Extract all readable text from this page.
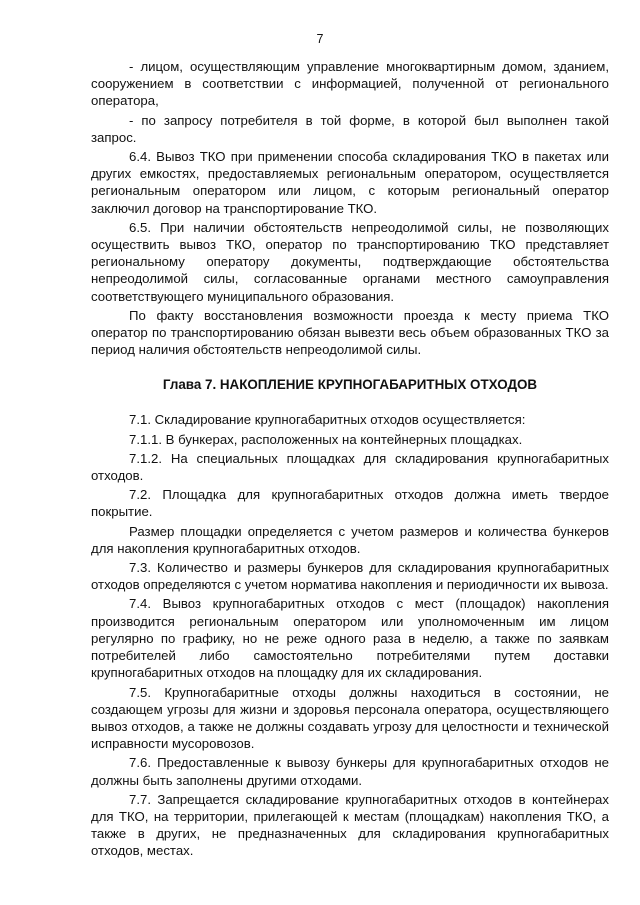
7

- лицом, осуществляющим управление многоквартирным домом, зданием, сооружением в соответствии с информацией, полученной от регионального оператора,

- по запросу потребителя в той форме, в которой был выполнен такой запрос.

6.4. Вывоз ТКО при применении способа складирования ТКО в пакетах или других емкостях, предоставляемых региональным оператором, осуществляется региональным оператором или лицом, с которым региональный оператор заключил договор на транспортирование ТКО.

6.5. При наличии обстоятельств непреодолимой силы, не позволяющих осуществить вывоз ТКО, оператор по транспортированию ТКО представляет региональному оператору документы, подтверждающие обстоятельства непреодолимой силы, согласованные органами местного самоуправления соответствующего муниципального образования.

По факту восстановления возможности проезда к месту приема ТКО оператор по транспортированию обязан вывезти весь объем образованных ТКО за период наличия обстоятельств непреодолимой силы.

Глава 7. НАКОПЛЕНИЕ КРУПНОГАБАРИТНЫХ ОТХОДОВ

7.1. Складирование крупногабаритных отходов осуществляется:

7.1.1. В бункерах, расположенных на контейнерных площадках.

7.1.2. На специальных площадках для складирования крупногабаритных отходов.

7.2. Площадка для крупногабаритных отходов должна иметь твердое покрытие.

Размер площадки определяется с учетом размеров и количества бункеров для накопления крупногабаритных отходов.

7.3. Количество и размеры бункеров для складирования крупногабаритных отходов определяются с учетом норматива накопления и периодичности их вывоза.

7.4. Вывоз крупногабаритных отходов с мест (площадок) накопления производится региональным оператором или уполномоченным им лицом регулярно по графику, но не реже одного раза в неделю, а также по заявкам потребителей либо самостоятельно потребителями путем доставки крупногабаритных отходов на площадку для их складирования.

7.5. Крупногабаритные отходы должны находиться в состоянии, не создающем угрозы для жизни и здоровья персонала оператора, осуществляющего вывоз отходов, а также не должны создавать угрозу для целостности и технической исправности мусоровозов.

7.6. Предоставленные к вывозу бункеры для крупногабаритных отходов не должны быть заполнены другими отходами.

7.7. Запрещается складирование крупногабаритных отходов в контейнерах для ТКО, на территории, прилегающей к местам (площадкам) накопления ТКО, а также в других, не предназначенных для складирования крупногабаритных отходов, местах.
